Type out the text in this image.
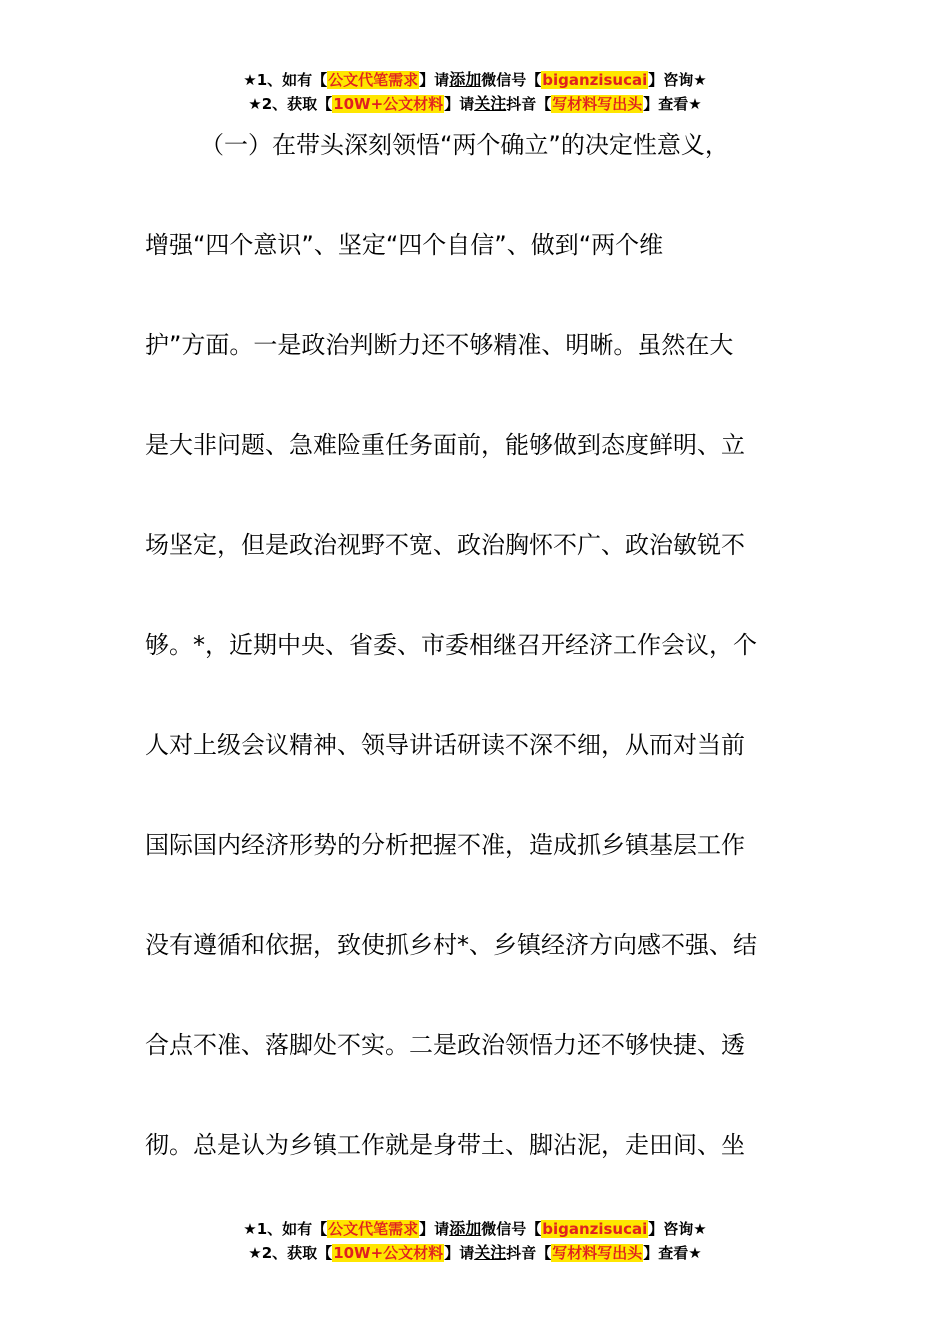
★1、如有【公文代笔需求】请添加微信号【biganzisucai】咨询★
★2、获取【10W+公文材料】请关注抖音【写材料写出头】查看★
（一）在带头深刻领悟“两个确立”的决定性意义，
增强“四个意识”、坚定“四个自信”、做到“两个维
护”方面。一是政治判断力还不够精准、明晰。虽然在大
是大非问题、急难险重任务面前，能够做到态度鲜明、立
场坚定，但是政治视野不宽、政治胸怀不广、政治敏锐不
够。*，近期中央、省委、市委相继召开经济工作会议，个
人对上级会议精神、领导讲话研读不深不细，从而对当前
国际国内经济形势的分析把握不准，造成抓乡镇基层工作
没有遵循和依据，致使抓乡村*、乡镇经济方向感不强、结
合点不准、落脚处不实。二是政治领悟力还不够快捷、透
彻。总是认为乡镇工作就是身带土、脚沾泥，走田间、坐
★1、如有【公文代笔需求】请添加微信号【biganzisucai】咨询★
★2、获取【10W+公文材料】请关注抖音【写材料写出头】查看★
